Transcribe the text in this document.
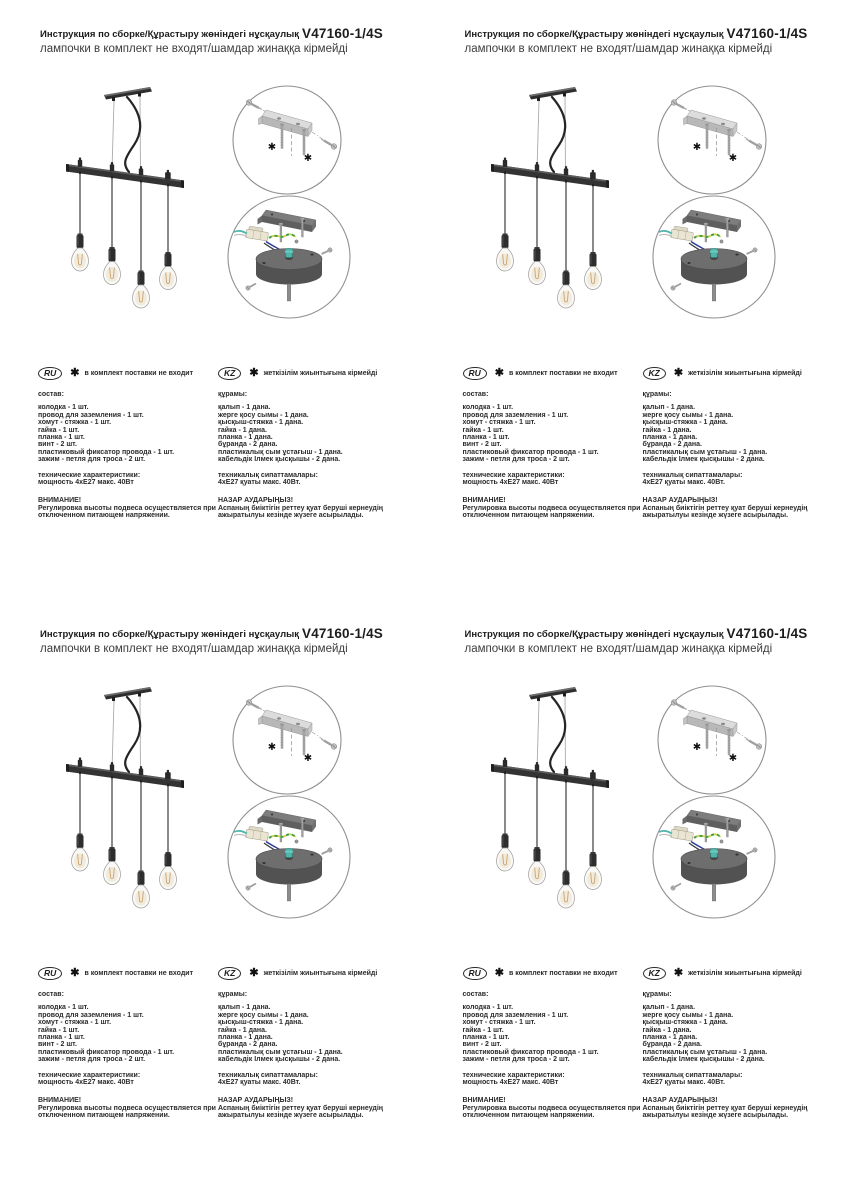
Инструкция по сборке/Құрастыру жөніндегі нұсқаулық V47160-1/4S
лампочки в комплект не входят/шамдар жинаққа кірмейді
✱
✱
RU	✱ в комплект поставки не входит
состав:
колодка - 1 шт.
провод для заземления - 1 шт.
хомут - стяжка - 1 шт.
гайка - 1 шт.
планка - 1 шт.
винт - 2 шт.
пластиковый фиксатор провода - 1 шт.
зажим - петля для троса - 2 шт.
технические характеристики:
мощность 4хЕ27 макс. 40Вт
ВНИМАНИЕ!
Регулировка высоты подвеса осуществляется при отключенном питающем напряжении.
KZ	✱ жеткізілім жиынтығына кірмейді
құрамы:
қалып - 1 дана.
жерге қосу сымы - 1 дана.
қысқыш-стяжка - 1 дана.
гайка - 1 дана.
планка - 1 дана.
бұранда - 2 дана.
пластикалық сым ұстағыш - 1 дана.
кабельдік Ілмек қысқышы - 2 дана.
техникалық сипаттамалары:
4хЕ27 қуаты макс. 40Вт.
НАЗАР АУДАРЫҢЫЗ!
Аспаның биіктігін реттеу қуат беруші кернеудің ажыратылуы кезінде жүзеге асырылады.
Инструкция по сборке/Құрастыру жөніндегі нұсқаулық V47160-1/4S
лампочки в комплект не входят/шамдар жинаққа кірмейді
✱
✱
RU	✱ в комплект поставки не входит
состав:
колодка - 1 шт.
провод для заземления - 1 шт.
хомут - стяжка - 1 шт.
гайка - 1 шт.
планка - 1 шт.
винт - 2 шт.
пластиковый фиксатор провода - 1 шт.
зажим - петля для троса - 2 шт.
технические характеристики:
мощность 4хЕ27 макс. 40Вт
ВНИМАНИЕ!
Регулировка высоты подвеса осуществляется при отключенном питающем напряжении.
KZ	✱ жеткізілім жиынтығына кірмейді
құрамы:
қалып - 1 дана.
жерге қосу сымы - 1 дана.
қысқыш-стяжка - 1 дана.
гайка - 1 дана.
планка - 1 дана.
бұранда - 2 дана.
пластикалық сым ұстағыш - 1 дана.
кабельдік Ілмек қысқышы - 2 дана.
техникалық сипаттамалары:
4хЕ27 қуаты макс. 40Вт.
НАЗАР АУДАРЫҢЫЗ!
Аспаның биіктігін реттеу қуат беруші кернеудің ажыратылуы кезінде жүзеге асырылады.
Инструкция по сборке/Құрастыру жөніндегі нұсқаулық V47160-1/4S
лампочки в комплект не входят/шамдар жинаққа кірмейді
✱
✱
RU	✱ в комплект поставки не входит
состав:
колодка - 1 шт.
провод для заземления - 1 шт.
хомут - стяжка - 1 шт.
гайка - 1 шт.
планка - 1 шт.
винт - 2 шт.
пластиковый фиксатор провода - 1 шт.
зажим - петля для троса - 2 шт.
технические характеристики:
мощность 4хЕ27 макс. 40Вт
ВНИМАНИЕ!
Регулировка высоты подвеса осуществляется при отключенном питающем напряжении.
KZ	✱ жеткізілім жиынтығына кірмейді
құрамы:
қалып - 1 дана.
жерге қосу сымы - 1 дана.
қысқыш-стяжка - 1 дана.
гайка - 1 дана.
планка - 1 дана.
бұранда - 2 дана.
пластикалық сым ұстағыш - 1 дана.
кабельдік Ілмек қысқышы - 2 дана.
техникалық сипаттамалары:
4хЕ27 қуаты макс. 40Вт.
НАЗАР АУДАРЫҢЫЗ!
Аспаның биіктігін реттеу қуат беруші кернеудің ажыратылуы кезінде жүзеге асырылады.
Инструкция по сборке/Құрастыру жөніндегі нұсқаулық V47160-1/4S
лампочки в комплект не входят/шамдар жинаққа кірмейді
✱
✱
RU	✱ в комплект поставки не входит
состав:
колодка - 1 шт.
провод для заземления - 1 шт.
хомут - стяжка - 1 шт.
гайка - 1 шт.
планка - 1 шт.
винт - 2 шт.
пластиковый фиксатор провода - 1 шт.
зажим - петля для троса - 2 шт.
технические характеристики:
мощность 4хЕ27 макс. 40Вт
ВНИМАНИЕ!
Регулировка высоты подвеса осуществляется при отключенном питающем напряжении.
KZ	✱ жеткізілім жиынтығына кірмейді
құрамы:
қалып - 1 дана.
жерге қосу сымы - 1 дана.
қысқыш-стяжка - 1 дана.
гайка - 1 дана.
планка - 1 дана.
бұранда - 2 дана.
пластикалық сым ұстағыш - 1 дана.
кабельдік Ілмек қысқышы - 2 дана.
техникалық сипаттамалары:
4хЕ27 қуаты макс. 40Вт.
НАЗАР АУДАРЫҢЫЗ!
Аспаның биіктігін реттеу қуат беруші кернеудің ажыратылуы кезінде жүзеге асырылады.
